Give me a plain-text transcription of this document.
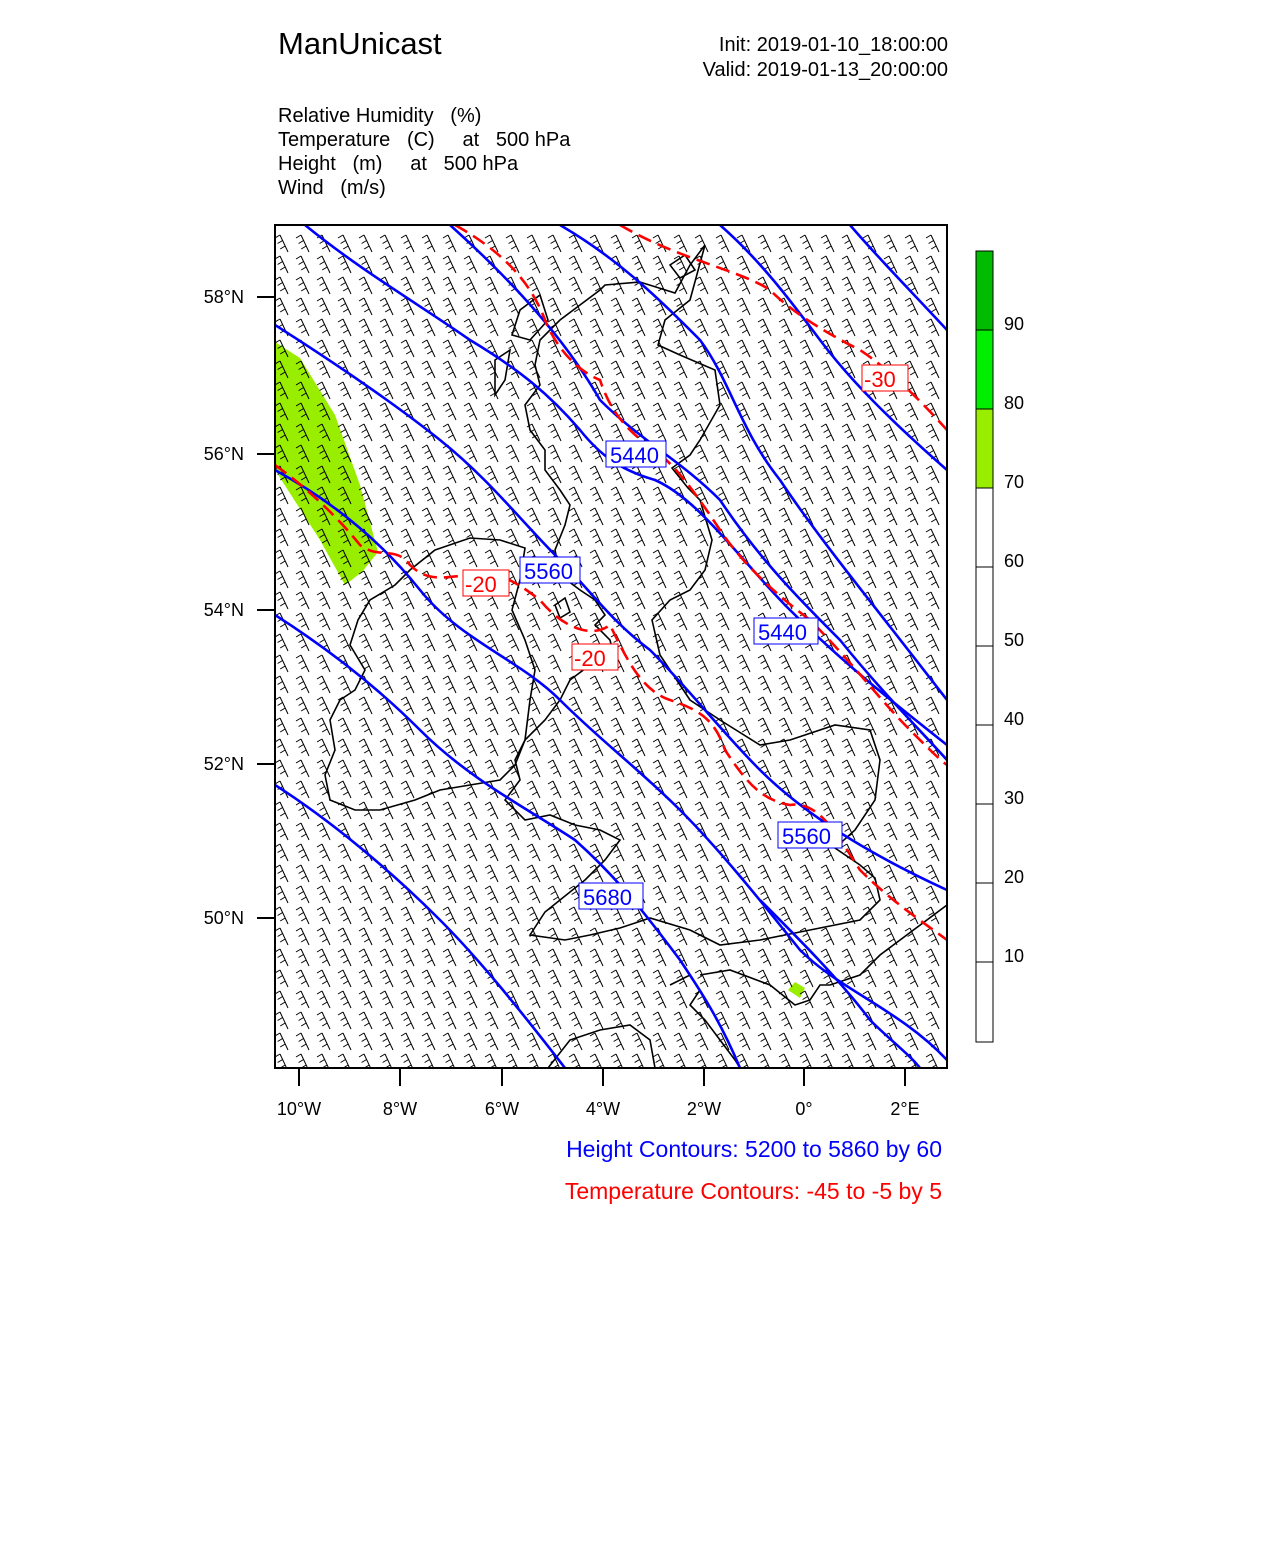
ManUnicast	Init: 2019-01-10_18:00:00
Valid: 2019-01-13_20:00:00
Relative Humidity (%)
Temperature (C) at   500 hPa
Height (m) at   500 hPa
Wind (m/s)
5440
5560
5440
5560
5680
-30
-20
-20
58°N
56°N
54°N
52°N
50°N
10°W	8°W	6°W	4°W	2°W	0°	2°E
90
80
70
60
50
40
30
20
10
Height Contours: 5200 to 5860 by 60
Temperature Contours: -45 to -5 by 5
